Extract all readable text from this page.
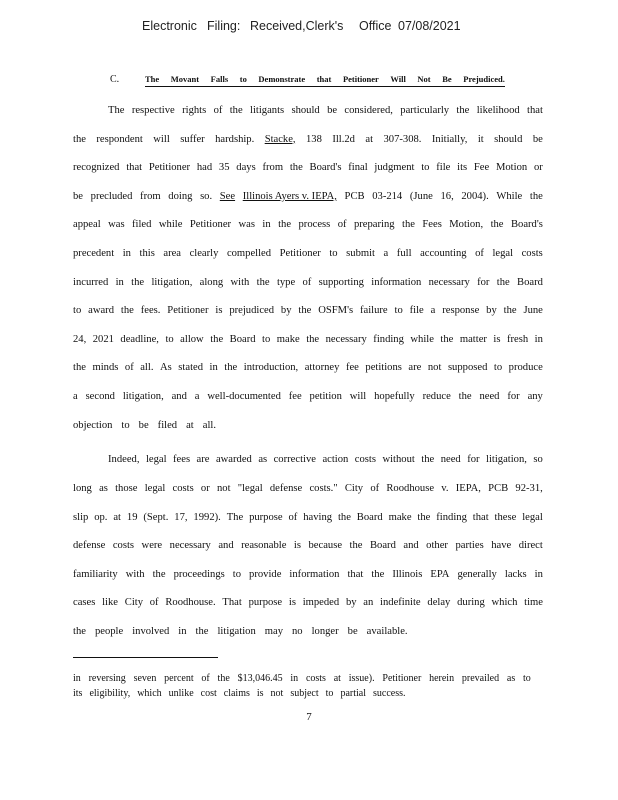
Electronic Filing: Received,Clerk's Office 07/08/2021
C.	The Movant Falls to Demonstrate that Petitioner Will Not Be Prejudiced.
The respective rights of the litigants should be considered, particularly the likelihood that
the respondent will suffer hardship. Stacke, 138 Ill.2d at 307-308. Initially, it should be
recognized that Petitioner had 35 days from the Board's final judgment to file its Fee Motion or
be precluded from doing so. See Illinois Ayers v. IEPA, PCB 03-214 (June 16, 2004). While the
appeal was filed while Petitioner was in the process of preparing the Fees Motion, the Board's
precedent in this area clearly compelled Petitioner to submit a full accounting of legal costs
incurred in the litigation, along with the type of supporting information necessary for the Board
to award the fees. Petitioner is prejudiced by the OSFM's failure to file a response by the June
24, 2021 deadline, to allow the Board to make the necessary finding while the matter is fresh in
the minds of all. As stated in the introduction, attorney fee petitions are not supposed to produce
a second litigation, and a well-documented fee petition will hopefully reduce the need for any
objection to be filed at all.
Indeed, legal fees are awarded as corrective action costs without the need for litigation, so
long as those legal costs or not "legal defense costs." City of Roodhouse v. IEPA, PCB 92-31,
slip op. at 19 (Sept. 17, 1992). The purpose of having the Board make the finding that these legal
defense costs were necessary and reasonable is because the Board and other parties have direct
familiarity with the proceedings to provide information that the Illinois EPA generally lacks in
cases like City of Roodhouse. That purpose is impeded by an indefinite delay during which time
the people involved in the litigation may no longer be available.
in reversing seven percent of the $13,046.45 in costs at issue). Petitioner herein prevailed as to
its eligibility, which unlike cost claims is not subject to partial success.
7
